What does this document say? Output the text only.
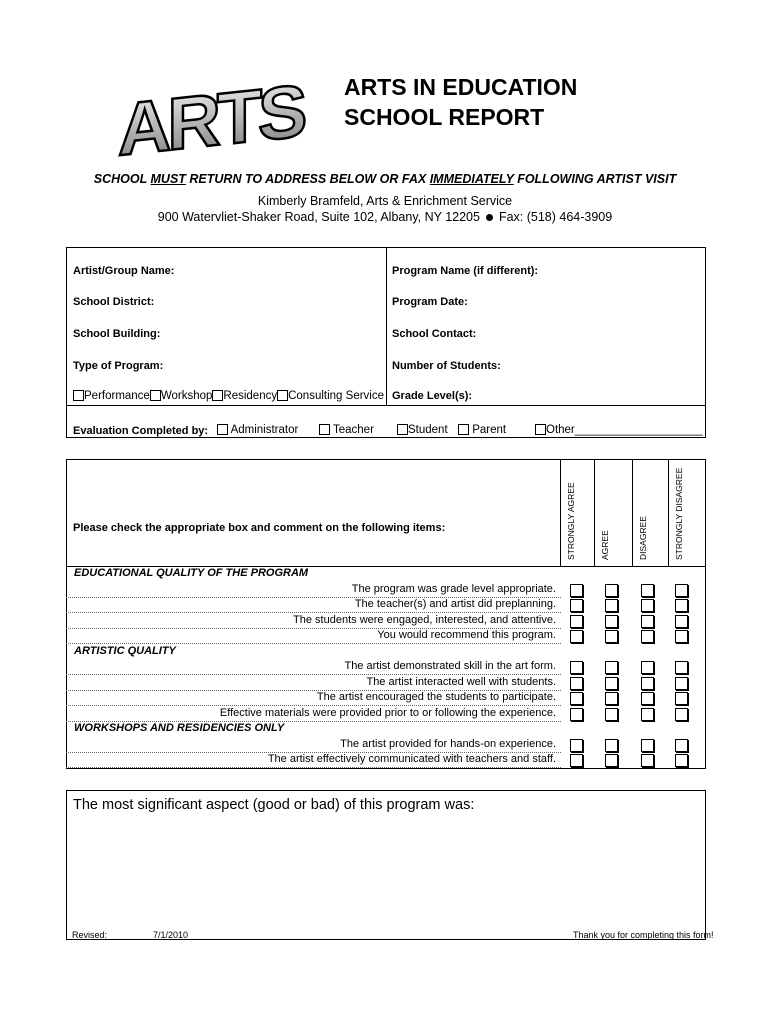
ARTS ARTS IN EDUCATION
SCHOOL REPORT
SCHOOL MUST RETURN TO ADDRESS BELOW OR FAX IMMEDIATELY FOLLOWING ARTIST VISIT
Kimberly Bramfeld, Arts & Enrichment Service
900 Watervliet-Shaker Road, Suite 102, Albany, NY 12205 Fax: (518) 464-3909
Artist/Group Name:	Program Name (if different):
School District:	Program Date:
School Building:	School Contact:
Type of Program:	Number of Students:
Performance Workshop Residency Consulting Service Grade Level(s):
Evaluation Completed by:	Administrator	Teacher	Student	Parent	Other____________________
Please check the appropriate box and comment on the following items:	STRONGLY AGREE	AGREE	DISAGREE	STRONGLY DISAGREE
EDUCATIONAL QUALITY OF THE PROGRAM
The program was grade level appropriate.
The teacher(s) and artist did preplanning.
The students were engaged, interested, and attentive.
You would recommend this program.
ARTISTIC QUALITY
The artist demonstrated skill in the art form.
The artist interacted well with students.
The artist encouraged the students to participate.
Effective materials were provided prior to or following the experience.
WORKSHOPS AND RESIDENCIES ONLY
The artist provided for hands-on experience.
The artist effectively communicated with teachers and staff.
The most significant aspect (good or bad) of this program was:
Revised:	7/1/2010	Thank you for completing this form!
